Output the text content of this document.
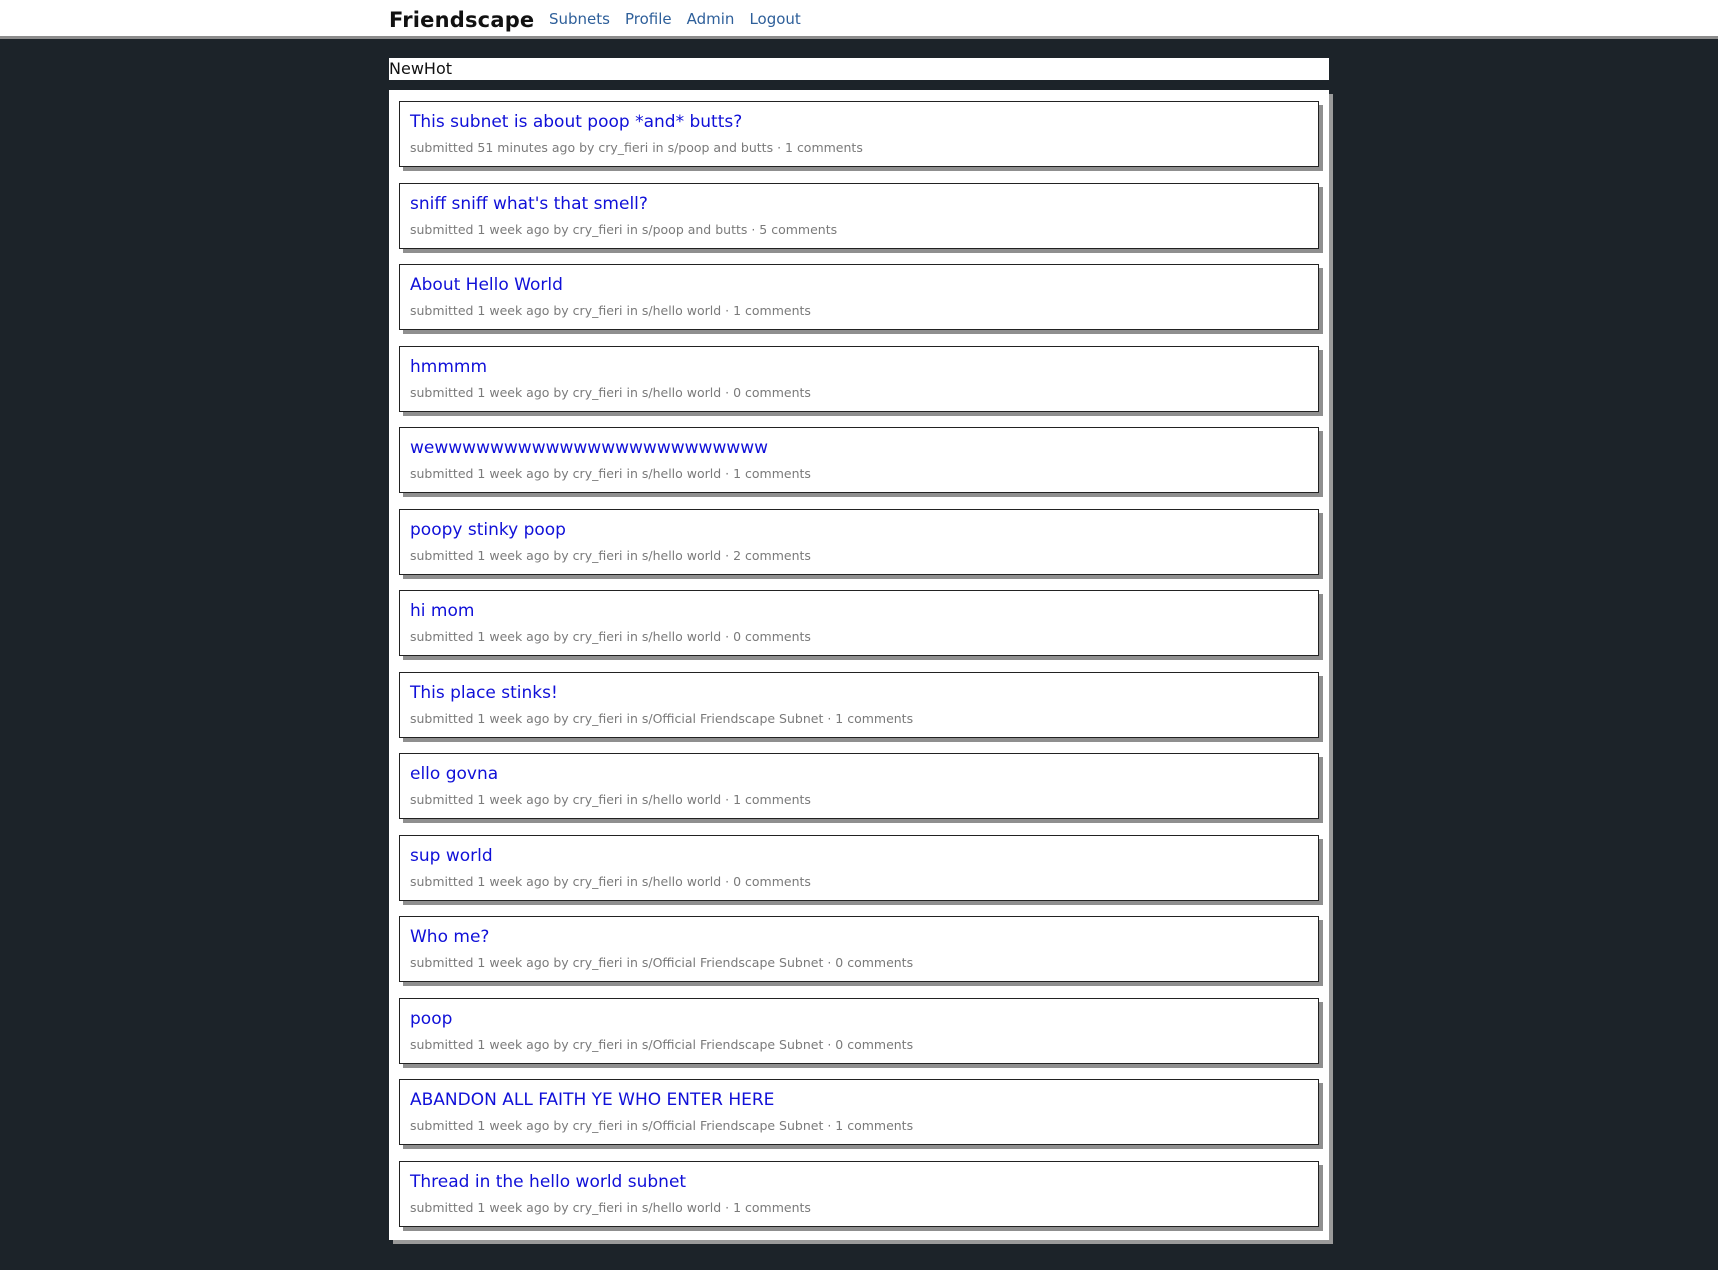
Friendscape Subnets Profile Admin Logout
New Hot
This subnet is about poop *and* butts?
submitted 51 minutes ago by cry_fieri in s/poop and butts · 1 comments
sniff sniff what's that smell?
submitted 1 week ago by cry_fieri in s/poop and butts · 5 comments
About Hello World
submitted 1 week ago by cry_fieri in s/hello world · 1 comments
hmmmm
submitted 1 week ago by cry_fieri in s/hello world · 0 comments
wewwwwwwwwwwwwwwwwwwwwwwww
submitted 1 week ago by cry_fieri in s/hello world · 1 comments
poopy stinky poop
submitted 1 week ago by cry_fieri in s/hello world · 2 comments
hi mom
submitted 1 week ago by cry_fieri in s/hello world · 0 comments
This place stinks!
submitted 1 week ago by cry_fieri in s/Official Friendscape Subnet · 1 comments
ello govna
submitted 1 week ago by cry_fieri in s/hello world · 1 comments
sup world
submitted 1 week ago by cry_fieri in s/hello world · 0 comments
Who me?
submitted 1 week ago by cry_fieri in s/Official Friendscape Subnet · 0 comments
poop
submitted 1 week ago by cry_fieri in s/Official Friendscape Subnet · 0 comments
ABANDON ALL FAITH YE WHO ENTER HERE
submitted 1 week ago by cry_fieri in s/Official Friendscape Subnet · 1 comments
Thread in the hello world subnet
submitted 1 week ago by cry_fieri in s/hello world · 1 comments
